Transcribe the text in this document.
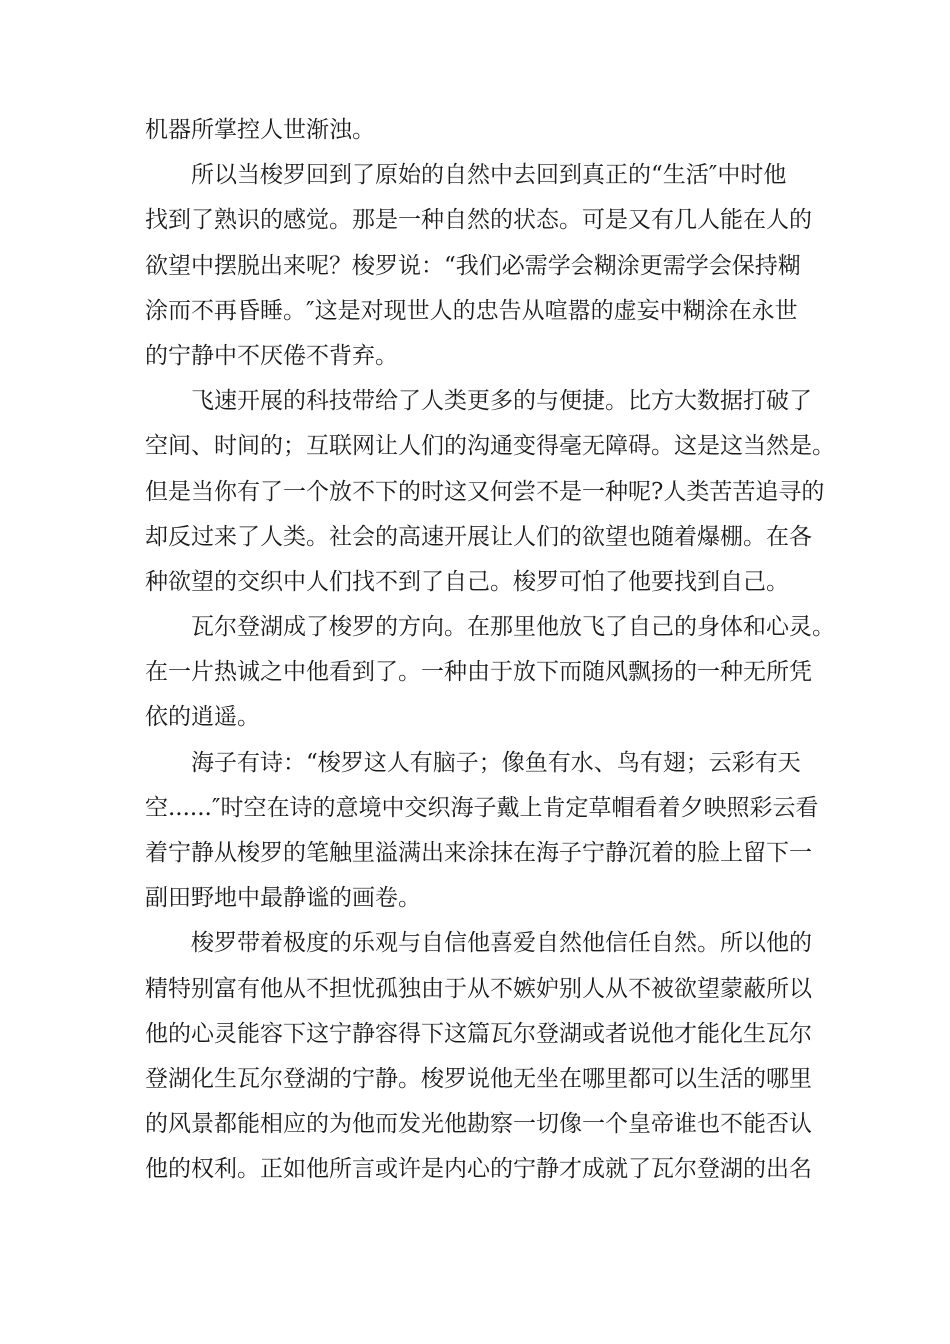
机器所掌控人世渐浊。
所以当梭罗回到了原始的自然中去回到真正的“生活″中时他
找到了熟识的感觉。那是一种自然的状态。可是又有几人能在人的
欲望中摆脱出来呢？梭罗说：“我们必需学会糊涂更需学会保持糊
涂而不再昏睡。″这是对现世人的忠告从喧嚣的虚妄中糊涂在永世
的宁静中不厌倦不背弃。
飞速开展的科技带给了人类更多的与便捷。比方大数据打破了
空间、时间的；互联网让人们的沟通变得毫无障碍。这是这当然是。
但是当你有了一个放不下的时这又何尝不是一种呢?人类苦苦追寻的
却反过来了人类。社会的高速开展让人们的欲望也随着爆棚。在各
种欲望的交织中人们找不到了自己。梭罗可怕了他要找到自己。
瓦尔登湖成了梭罗的方向。在那里他放飞了自己的身体和心灵。
在一片热诚之中他看到了。一种由于放下而随风飘扬的一种无所凭
依的逍遥。
海子有诗：“梭罗这人有脑子；像鱼有水、鸟有翅；云彩有天
空......″时空在诗的意境中交织海子戴上肯定草帽看着夕映照彩云看
着宁静从梭罗的笔触里溢满出来涂抹在海子宁静沉着的脸上留下一
副田野地中最静谧的画卷。
梭罗带着极度的乐观与自信他喜爱自然他信任自然。所以他的
精特别富有他从不担忧孤独由于从不嫉妒别人从不被欲望蒙蔽所以
他的心灵能容下这宁静容得下这篇瓦尔登湖或者说他才能化生瓦尔
登湖化生瓦尔登湖的宁静。梭罗说他无坐在哪里都可以生活的哪里
的风景都能相应的为他而发光他勘察一切像一个皇帝谁也不能否认
他的权利。正如他所言或许是内心的宁静才成就了瓦尔登湖的出名
